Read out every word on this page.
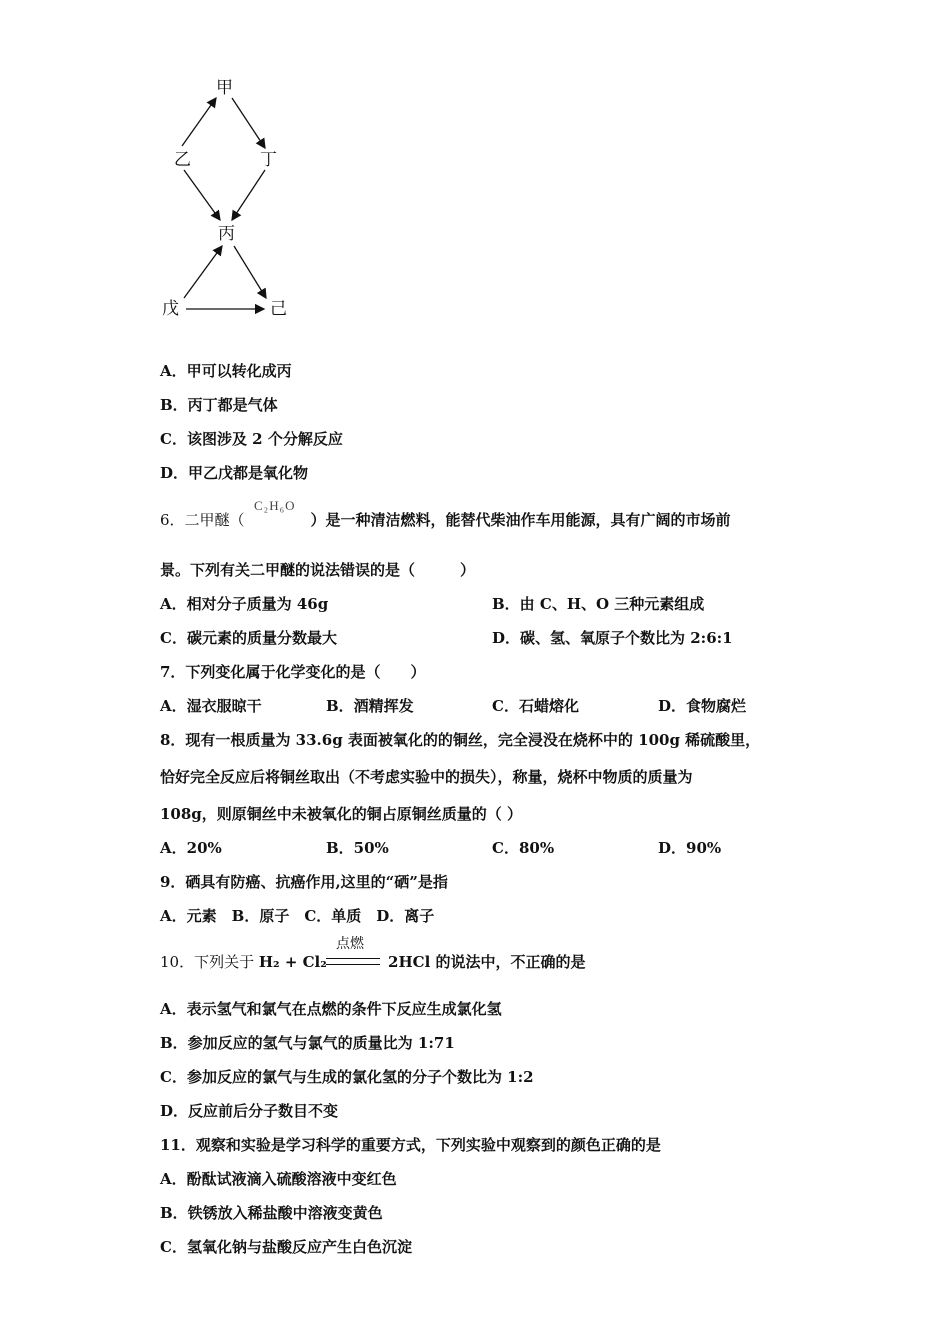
甲
乙	丁
丙
戊	己
A．甲可以转化成丙
B．丙丁都是气体
C．该图涉及 2 个分解反应
D．甲乙戊都是氧化物
6．二甲醚（	）是一种清洁燃料，能替代柴油作车用能源，具有广阔的市场前
C₂H₆O
景。下列有关二甲醚的说法错误的是（　　　）
A．相对分子质量为 46g	B．由 C、H、O 三种元素组成
C．碳元素的质量分数最大	D．碳、氢、氧原子个数比为 2:6:1
7．下列变化属于化学变化的是（　　）
A．湿衣服晾干	B．酒精挥发	C．石蜡熔化	D．食物腐烂
8．现有一根质量为 33.6g 表面被氧化的的铜丝，完全浸没在烧杯中的 100g 稀硫酸里，
恰好完全反应后将铜丝取出（不考虑实验中的损失），称量，烧杯中物质的质量为
108g，则原铜丝中未被氧化的铜占原铜丝质量的（ ）
A．20%	B．50%	C．80%	D．90%
9．硒具有防癌、抗癌作用,这里的“硒”是指
A．元素　B．原子　C．单质　D．离子
10．下列关于 H₂ + Cl₂	2HCl 的说法中，不正确的是
点燃
A．表示氢气和氯气在点燃的条件下反应生成氯化氢
B．参加反应的氢气与氯气的质量比为 1:71
C．参加反应的氯气与生成的氯化氢的分子个数比为 1:2
D．反应前后分子数目不变
11．观察和实验是学习科学的重要方式，下列实验中观察到的颜色正确的是
A．酚酞试液滴入硫酸溶液中变红色
B．铁锈放入稀盐酸中溶液变黄色
C．氢氧化钠与盐酸反应产生白色沉淀
